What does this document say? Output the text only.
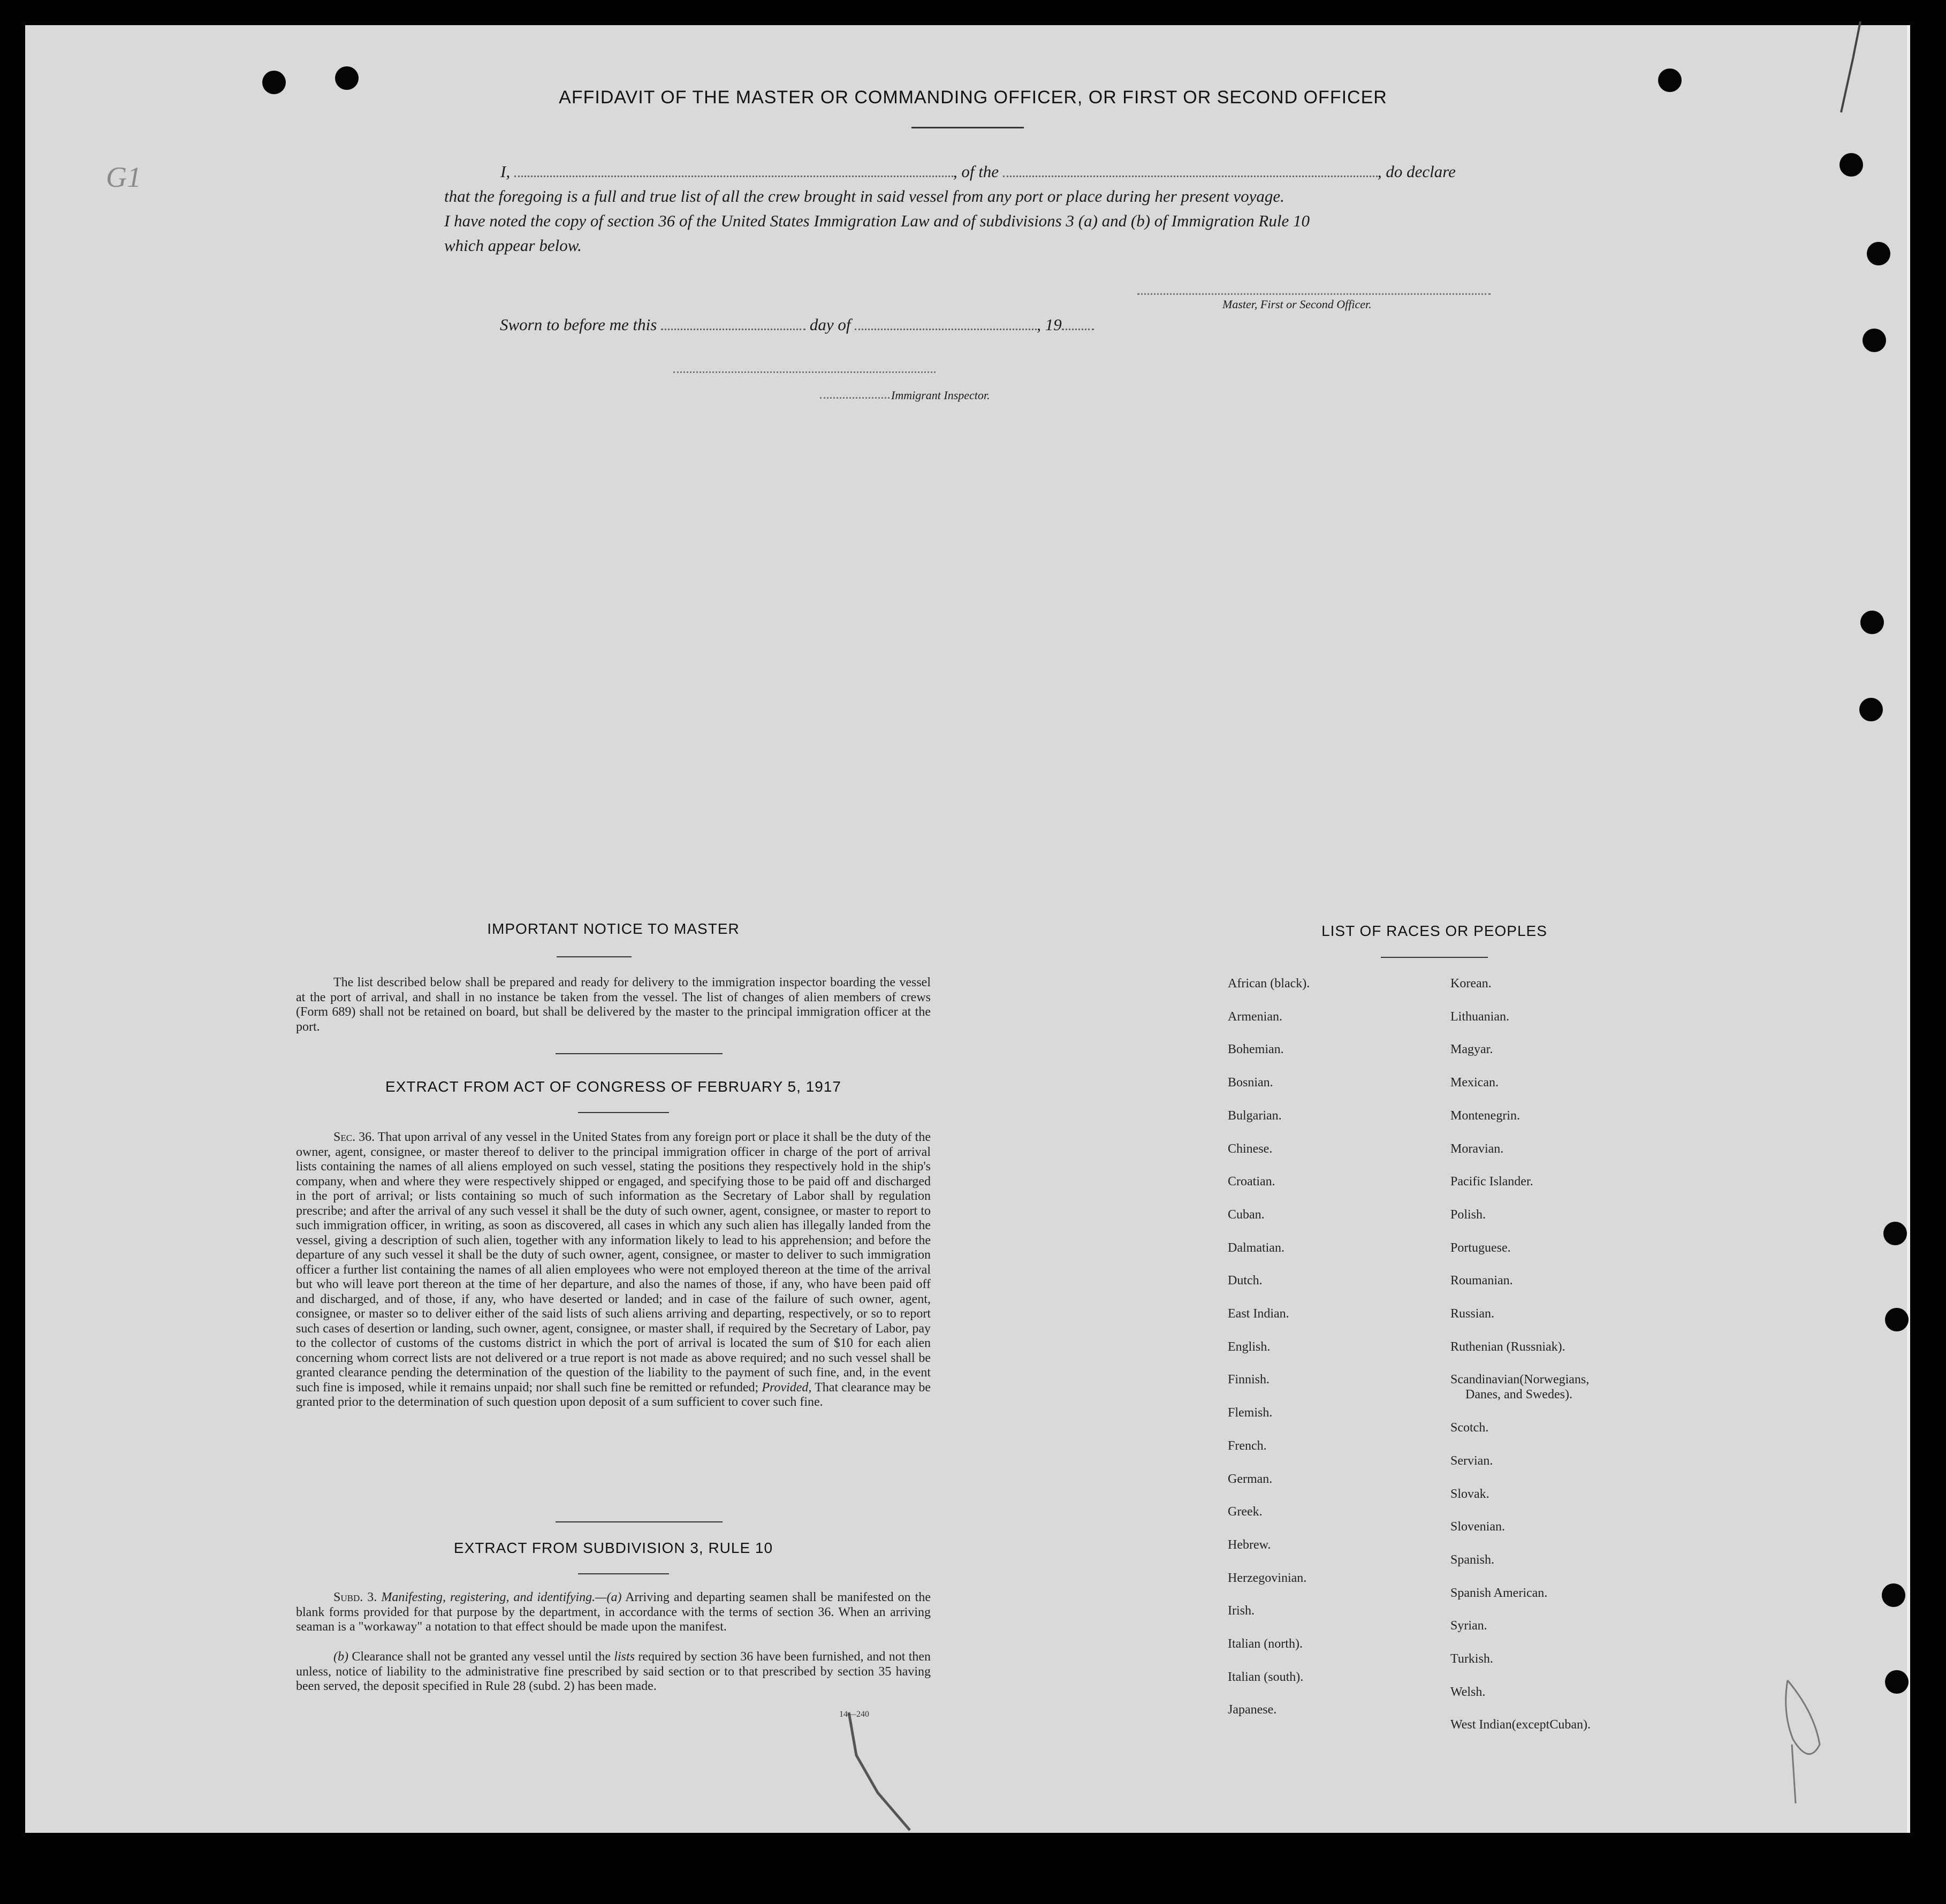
G1
AFFIDAVIT OF THE MASTER OR COMMANDING OFFICER, OR FIRST OR SECOND OFFICER
I,	, of the	, do declare
that the foregoing is a full and true list of all the crew brought in said vessel from any port or place during her present voyage.
I have noted the copy of section 36 of the United States Immigration Law and of subdivisions 3 (a) and (b) of Immigration Rule 10
which appear below.
Master, First or Second Officer.
Sworn to before me this	day of	, 19
Immigrant Inspector.
IMPORTANT NOTICE TO MASTER
The list described below shall be prepared and ready for delivery to the immigration inspector boarding the vessel at the port of arrival, and shall in no instance be taken from the vessel. The list of changes of alien members of crews (Form 689) shall not be retained on board, but shall be delivered by the master to the principal immigration officer at the port.
EXTRACT FROM ACT OF CONGRESS OF FEBRUARY 5, 1917
Sec. 36. That upon arrival of any vessel in the United States from any foreign port or place it shall be the duty of the owner, agent, consignee, or master thereof to deliver to the principal immigration officer in charge of the port of arrival lists containing the names of all aliens employed on such vessel, stating the positions they respectively hold in the ship's company, when and where they were respectively shipped or engaged, and specifying those to be paid off and discharged in the port of arrival; or lists containing so much of such information as the Secretary of Labor shall by regulation prescribe; and after the arrival of any such vessel it shall be the duty of such owner, agent, consignee, or master to report to such immigration officer, in writing, as soon as discovered, all cases in which any such alien has illegally landed from the vessel, giving a description of such alien, together with any information likely to lead to his apprehension; and before the departure of any such vessel it shall be the duty of such owner, agent, consignee, or master to deliver to such immigration officer a further list containing the names of all alien employees who were not employed thereon at the time of the arrival but who will leave port thereon at the time of her departure, and also the names of those, if any, who have been paid off and discharged, and of those, if any, who have deserted or landed; and in case of the failure of such owner, agent, consignee, or master so to deliver either of the said lists of such aliens arriving and departing, respectively, or so to report such cases of desertion or landing, such owner, agent, consignee, or master shall, if required by the Secretary of Labor, pay to the collector of customs of the customs district in which the port of arrival is located the sum of $10 for each alien concerning whom correct lists are not delivered or a true report is not made as above required; and no such vessel shall be granted clearance pending the determination of the question of the liability to the payment of such fine, and, in the event such fine is imposed, while it remains unpaid; nor shall such fine be remitted or refunded; Provided, That clearance may be granted prior to the determination of such question upon deposit of a sum sufficient to cover such fine.
EXTRACT FROM SUBDIVISION 3, RULE 10
Subd. 3. Manifesting, registering, and identifying.—(a) Arriving and departing seamen shall be manifested on the blank forms provided for that purpose by the department, in accordance with the terms of section 36. When an arriving seaman is a "workaway" a notation to that effect should be made upon the manifest.
(b) Clearance shall not be granted any vessel until the lists required by section 36 have been furnished, and not then unless, notice of liability to the administrative fine prescribed by said section or to that prescribed by section 35 having been served, the deposit specified in Rule 28 (subd. 2) has been made.
14—240
LIST OF RACES OR PEOPLES
African (black).
Armenian.
Bohemian.
Bosnian.
Bulgarian.
Chinese.
Croatian.
Cuban.
Dalmatian.
Dutch.
East Indian.
English.
Finnish.
Flemish.
French.
German.
Greek.
Hebrew.
Herzegovinian.
Irish.
Italian (north).
Italian (south).
Japanese.
Korean.
Lithuanian.
Magyar.
Mexican.
Montenegrin.
Moravian.
Pacific Islander.
Polish.
Portuguese.
Roumanian.
Russian.
Ruthenian (Russniak).
Scandinavian(Norwegians,
Danes, and Swedes).
Scotch.
Servian.
Slovak.
Slovenian.
Spanish.
Spanish American.
Syrian.
Turkish.
Welsh.
West Indian(exceptCuban).
